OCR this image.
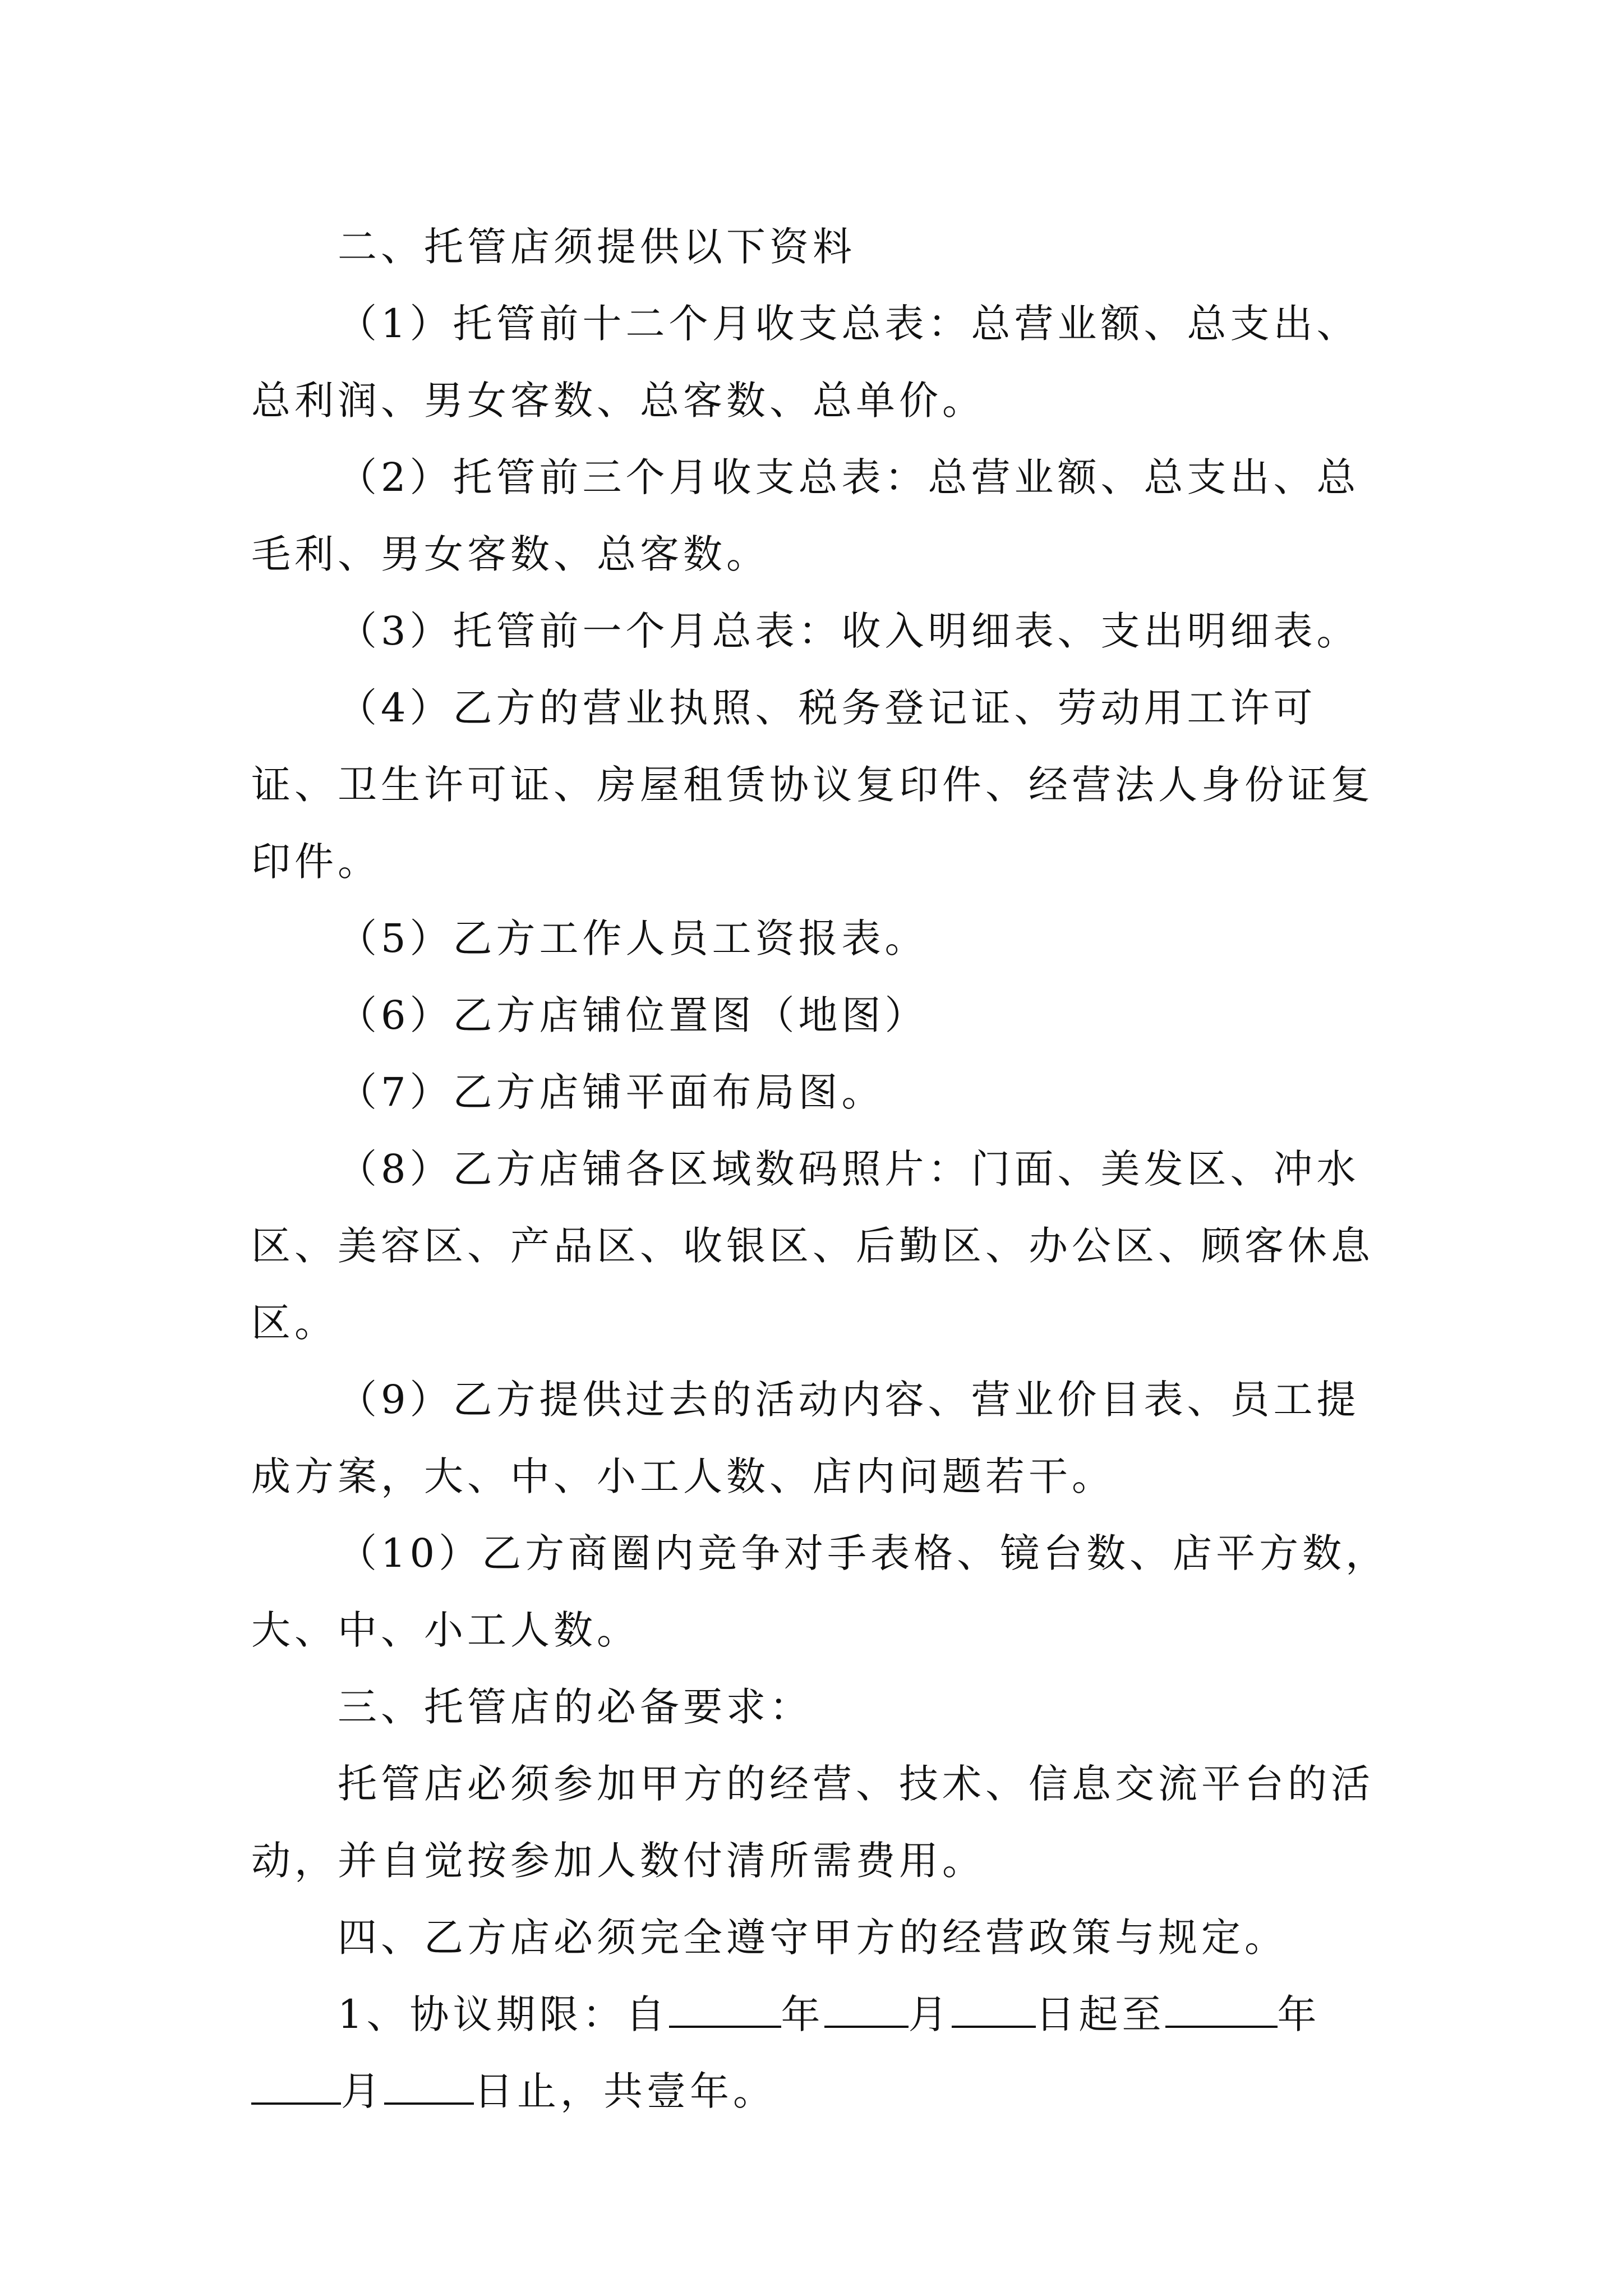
二、托管店须提供以下资料

（1）托管前十二个月收支总表：总营业额、总支出、总利润、男女客数、总客数、总单价。

（2）托管前三个月收支总表：总营业额、总支出、总毛利、男女客数、总客数。

（3）托管前一个月总表：收入明细表、支出明细表。

（4）乙方的营业执照、税务登记证、劳动用工许可证、卫生许可证、房屋租赁协议复印件、经营法人身份证复印件。

（5）乙方工作人员工资报表。

（6）乙方店铺位置图（地图）

（7）乙方店铺平面布局图。

（8）乙方店铺各区域数码照片：门面、美发区、冲水区、美容区、产品区、收银区、后勤区、办公区、顾客休息区。

（9）乙方提供过去的活动内容、营业价目表、员工提成方案，大、中、小工人数、店内问题若干。

（10）乙方商圈内竞争对手表格、镜台数、店平方数，大、中、小工人数。

三、托管店的必备要求：

托管店必须参加甲方的经营、技术、信息交流平台的活动，并自觉按参加人数付清所需费用。

四、乙方店必须完全遵守甲方的经营政策与规定。

1、协议期限：自	年 月 日起至	年
月 日止，共壹年。
